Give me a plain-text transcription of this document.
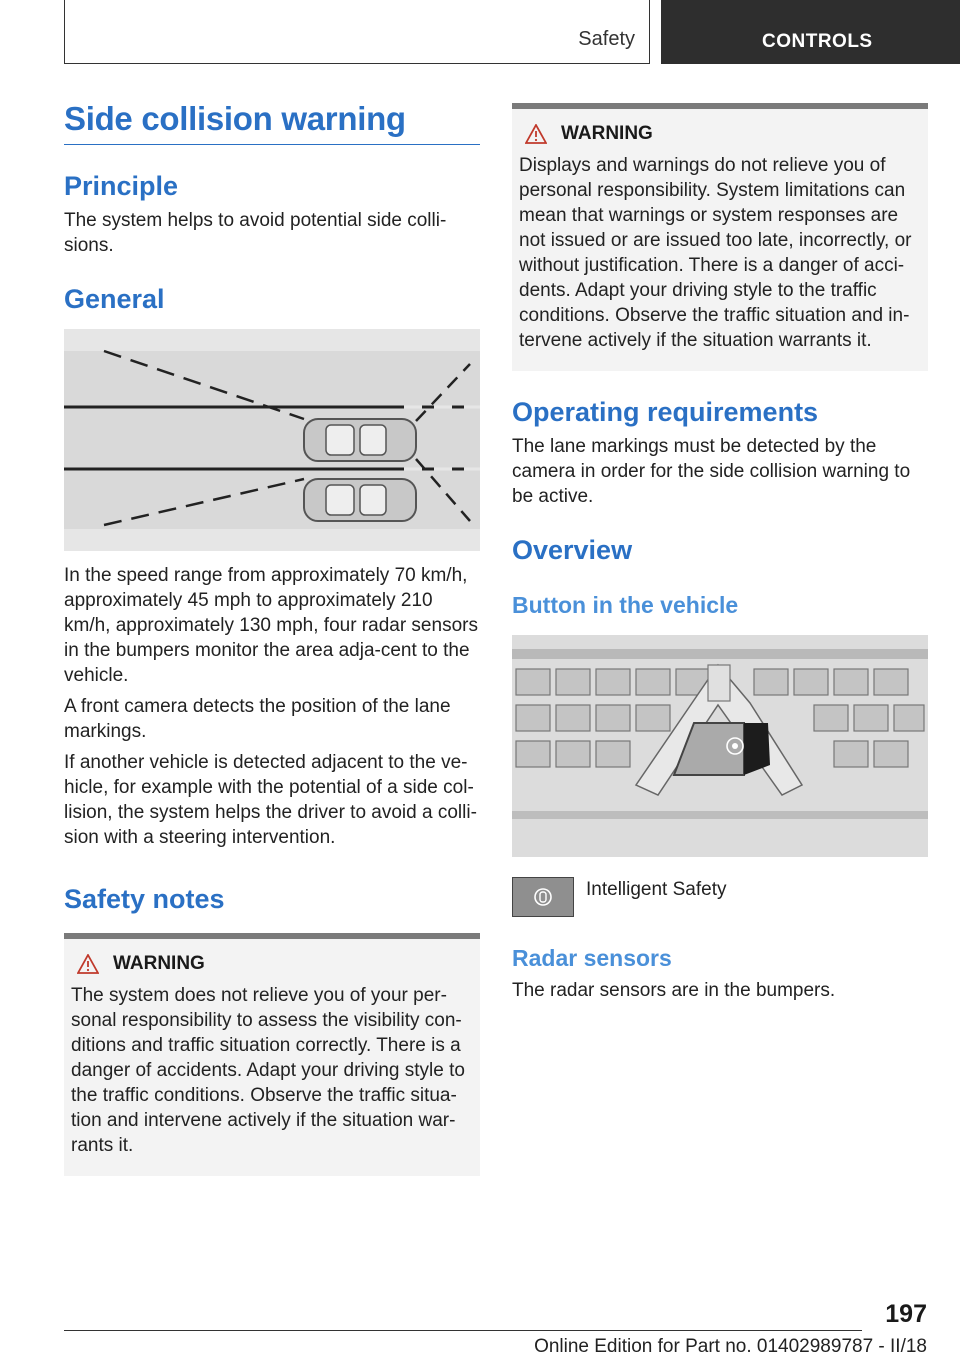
Safety	CONTROLS
Side collision warning
Principle

The system helps to avoid potential side colli-sions.

General

In the speed range from approximately 70 km/h, approximately 45 mph to approximately 210 km/h, approximately 130 mph, four radar sensors in the bumpers monitor the area adja-cent to the vehicle.

A front camera detects the position of the lane markings.

If another vehicle is detected adjacent to the ve-hicle, for example with the potential of a side col-lision, the system helps the driver to avoid a colli-sion with a steering intervention.

Safety notes
WARNING

The system does not relieve you of your per-sonal responsibility to assess the visibility con-ditions and traffic situation correctly. There is a danger of accidents. Adapt your driving style to the traffic conditions. Observe the traffic situa-tion and intervene actively if the situation war-rants it.

WARNING

Displays and warnings do not relieve you of personal responsibility. System limitations can mean that warnings or system responses are not issued or are issued too late, incorrectly, or without justification. There is a danger of acci-dents. Adapt your driving style to the traffic conditions. Observe the traffic situation and in-tervene actively if the situation warrants it.

Operating requirements

The lane markings must be detected by the camera in order for the side collision warning to be active.

Overview
Button in the vehicle

Intelligent Safety

Radar sensors

The radar sensors are in the bumpers.

197
Online Edition for Part no. 01402989787 - II/18
